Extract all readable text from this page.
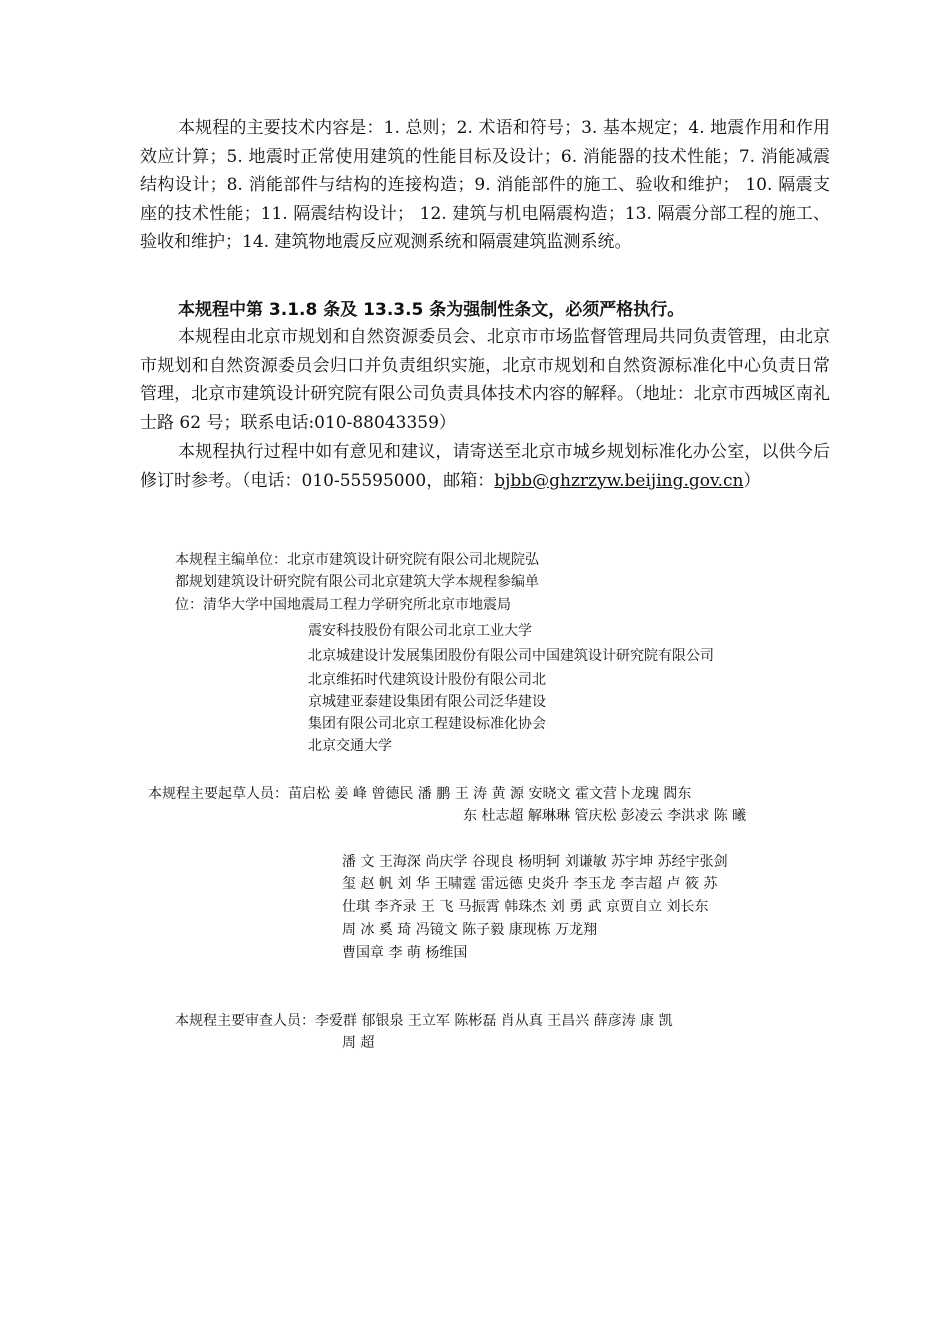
本规程的主要技术内容是：1. 总则；2. 术语和符号；3. 基本规定；4. 地震作用和作用效应计算；5. 地震时正常使用建筑的性能目标及设计；6. 消能器的技术性能；7. 消能减震结构设计；8. 消能部件与结构的连接构造；9. 消能部件的施工、验收和维护； 10. 隔震支座的技术性能；11. 隔震结构设计； 12. 建筑与机电隔震构造；13. 隔震分部工程的施工、验收和维护；14. 建筑物地震反应观测系统和隔震建筑监测系统。

本规程中第 3.1.8 条及 13.3.5 条为强制性条文，必须严格执行。

本规程由北京市规划和自然资源委员会、北京市市场监督管理局共同负责管理，由北京市规划和自然资源委员会归口并负责组织实施，北京市规划和自然资源标准化中心负责日常管理，北京市建筑设计研究院有限公司负责具体技术内容的解释。（地址：北京市西城区南礼士路 62 号；联系电话:010-88043359）

本规程执行过程中如有意见和建议，请寄送至北京市城乡规划标准化办公室，以供今后修订时参考。（电话：010-55595000，邮箱：bjbb@ghzrzyw.beijing.gov.cn）

本规程主编单位：北京市建筑设计研究院有限公司北规院弘

都规划建筑设计研究院有限公司北京建筑大学本规程参编单

位：清华大学中国地震局工程力学研究所北京市地震局

震安科技股份有限公司北京工业大学

北京城建设计发展集团股份有限公司中国建筑设计研究院有限公司

北京维拓时代建筑设计股份有限公司北

京城建亚泰建设集团有限公司泛华建设

集团有限公司北京工程建设标准化协会

北京交通大学

本规程主要起草人员：苗启松 姜 峰 曾德民 潘 鹏 王 涛 黄 源 安晓文 霍文营卜龙瑰 閻东

东 杜志超 解琳琳 管庆松 彭凌云 李洪求 陈 曦

潘 文 王海深 尚庆学 谷现良 杨明轲 刘谦敏 苏宇坤 苏经宇张剑

玺 赵 帆 刘 华 王啸霆 雷远德 史炎升 李玉龙 李吉超 卢 筱 苏

仕琪 李齐录 王 飞 马振霄 韩珠杰 刘 勇 武 京贾自立 刘长东

周 冰 奚 琦 冯镜文 陈子毅 康现栋 万龙翔

曹国章 李 萌 杨维国

本规程主要审查人员：李爱群 郁银泉 王立军 陈彬磊 肖从真 王昌兴 薛彦涛 康 凯

周 超
